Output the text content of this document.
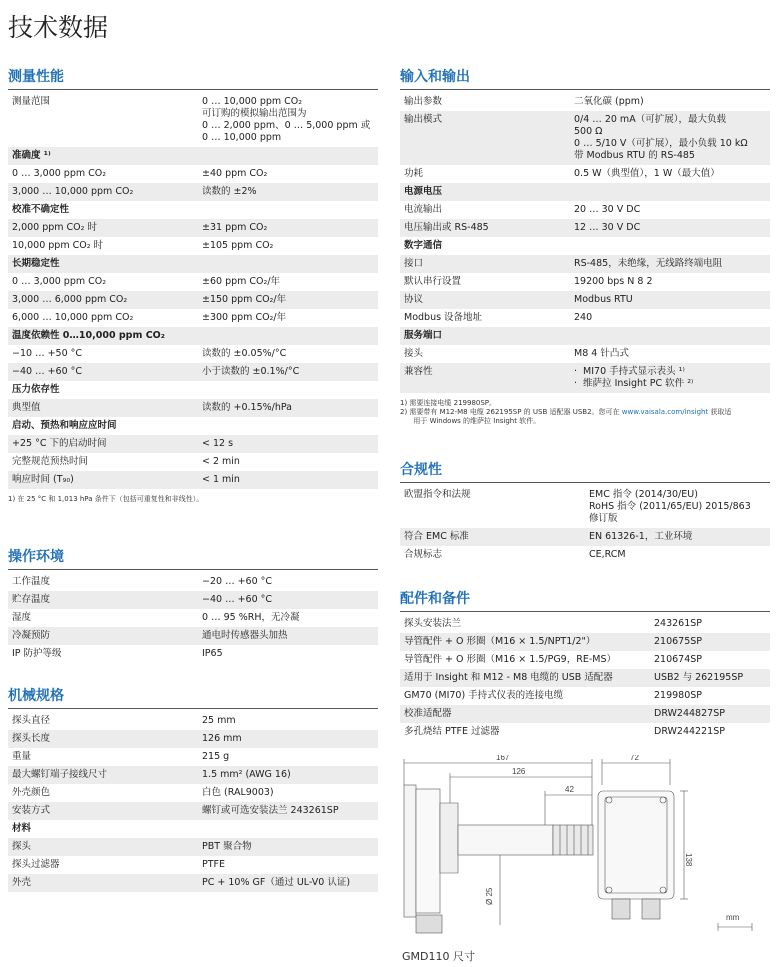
技术数据
测量性能
测量范围	0 … 10,000 ppm CO₂
可订购的模拟输出范围为
0 … 2,000 ppm、0 … 5,000 ppm 或
0 … 10,000 ppm
准确度 ¹⁾
0 … 3,000 ppm CO₂	±40 ppm CO₂
3,000 … 10,000 ppm CO₂	读数的 ±2%
校准不确定性
2,000 ppm CO₂ 时	±31 ppm CO₂
10,000 ppm CO₂ 时	±105 ppm CO₂
长期稳定性
0 … 3,000 ppm CO₂	±60 ppm CO₂/年
3,000 … 6,000 ppm CO₂	±150 ppm CO₂/年
6,000 … 10,000 ppm CO₂	±300 ppm CO₂/年
温度依赖性 0…10,000 ppm CO₂
−10 … +50 °C	读数的 ±0.05%/°C
−40 … +60 °C	小于读数的 ±0.1%/°C
压力依存性
典型值	读数的 +0.15%/hPa
启动、预热和响应应时间
+25 °C 下的启动时间	< 12 s
完整规范预热时间	< 2 min
响应时间 (T₉₀)	< 1 min
1) 在 25 °C 和 1,013 hPa 条件下（包括可重复性和非线性）。
操作环境
工作温度	−20 … +60 °C
贮存温度	−40 … +60 °C
湿度	0 … 95 %RH，无冷凝
冷凝预防	通电时传感器头加热
IP 防护等级	IP65
机械规格
探头直径	25 mm
探头长度	126 mm
重量	215 g
最大螺钉端子接线尺寸	1.5 mm² (AWG 16)
外壳颜色	白色 (RAL9003)
安装方式	螺钉或可选安装法兰 243261SP
材料
探头	PBT 聚合物
探头过滤器	PTFE
外壳	PC + 10% GF（通过 UL-V0 认证)
输入和输出
输出参数	二氧化碳 (ppm)
输出模式	0/4 … 20 mA（可扩展），最大负载
500 Ω
0 … 5/10 V（可扩展），最小负载 10 kΩ
带 Modbus RTU 的 RS-485
功耗	0.5 W（典型值），1 W（最大值）
电源电压
电流输出	20 … 30 V DC
电压输出或 RS-485	12 … 30 V DC
数字通信
接口	RS-485，未绝缘，无线路终端电阻
默认串行设置	19200 bps N 8 2
协议	Modbus RTU
Modbus 设备地址	240
服务端口
接头	M8 4 针凸式
兼容性	·  MI70 手持式显示表头 ¹⁾
·  维萨拉 Insight PC 软件 ²⁾
1) 需要连接电缆 219980SP。
2) 需要带有 M12-M8 电缆 262195SP 的 USB 适配器 USB2。您可在 www.vaisala.com/insight 获取适
用于 Windows 的维萨拉 Insight 软件。
合规性
欧盟指令和法规	EMC 指令 (2014/30/EU)
RoHS 指令 (2011/65/EU) 2015/863
修订版
符合 EMC 标准	EN 61326-1，工业环境
合规标志	CE,RCM
配件和备件
探头安装法兰	243261SP
导管配件 + O 形圈（M16 × 1.5/NPT1/2"）	210675SP
导管配件 + O 形圈（M16 × 1.5/PG9，RE-MS）	210674SP
适用于 Insight 和 M12 - M8 电缆的 USB 适配器	USB2 与 262195SP
GM70 (MI70) 手持式仪表的连接电缆	219980SP
校准适配器	DRW244827SP
多孔烧结 PTFE 过滤器	DRW244221SP
167
126
42
72
138
Ø 25
mm
GMD110 尺寸
